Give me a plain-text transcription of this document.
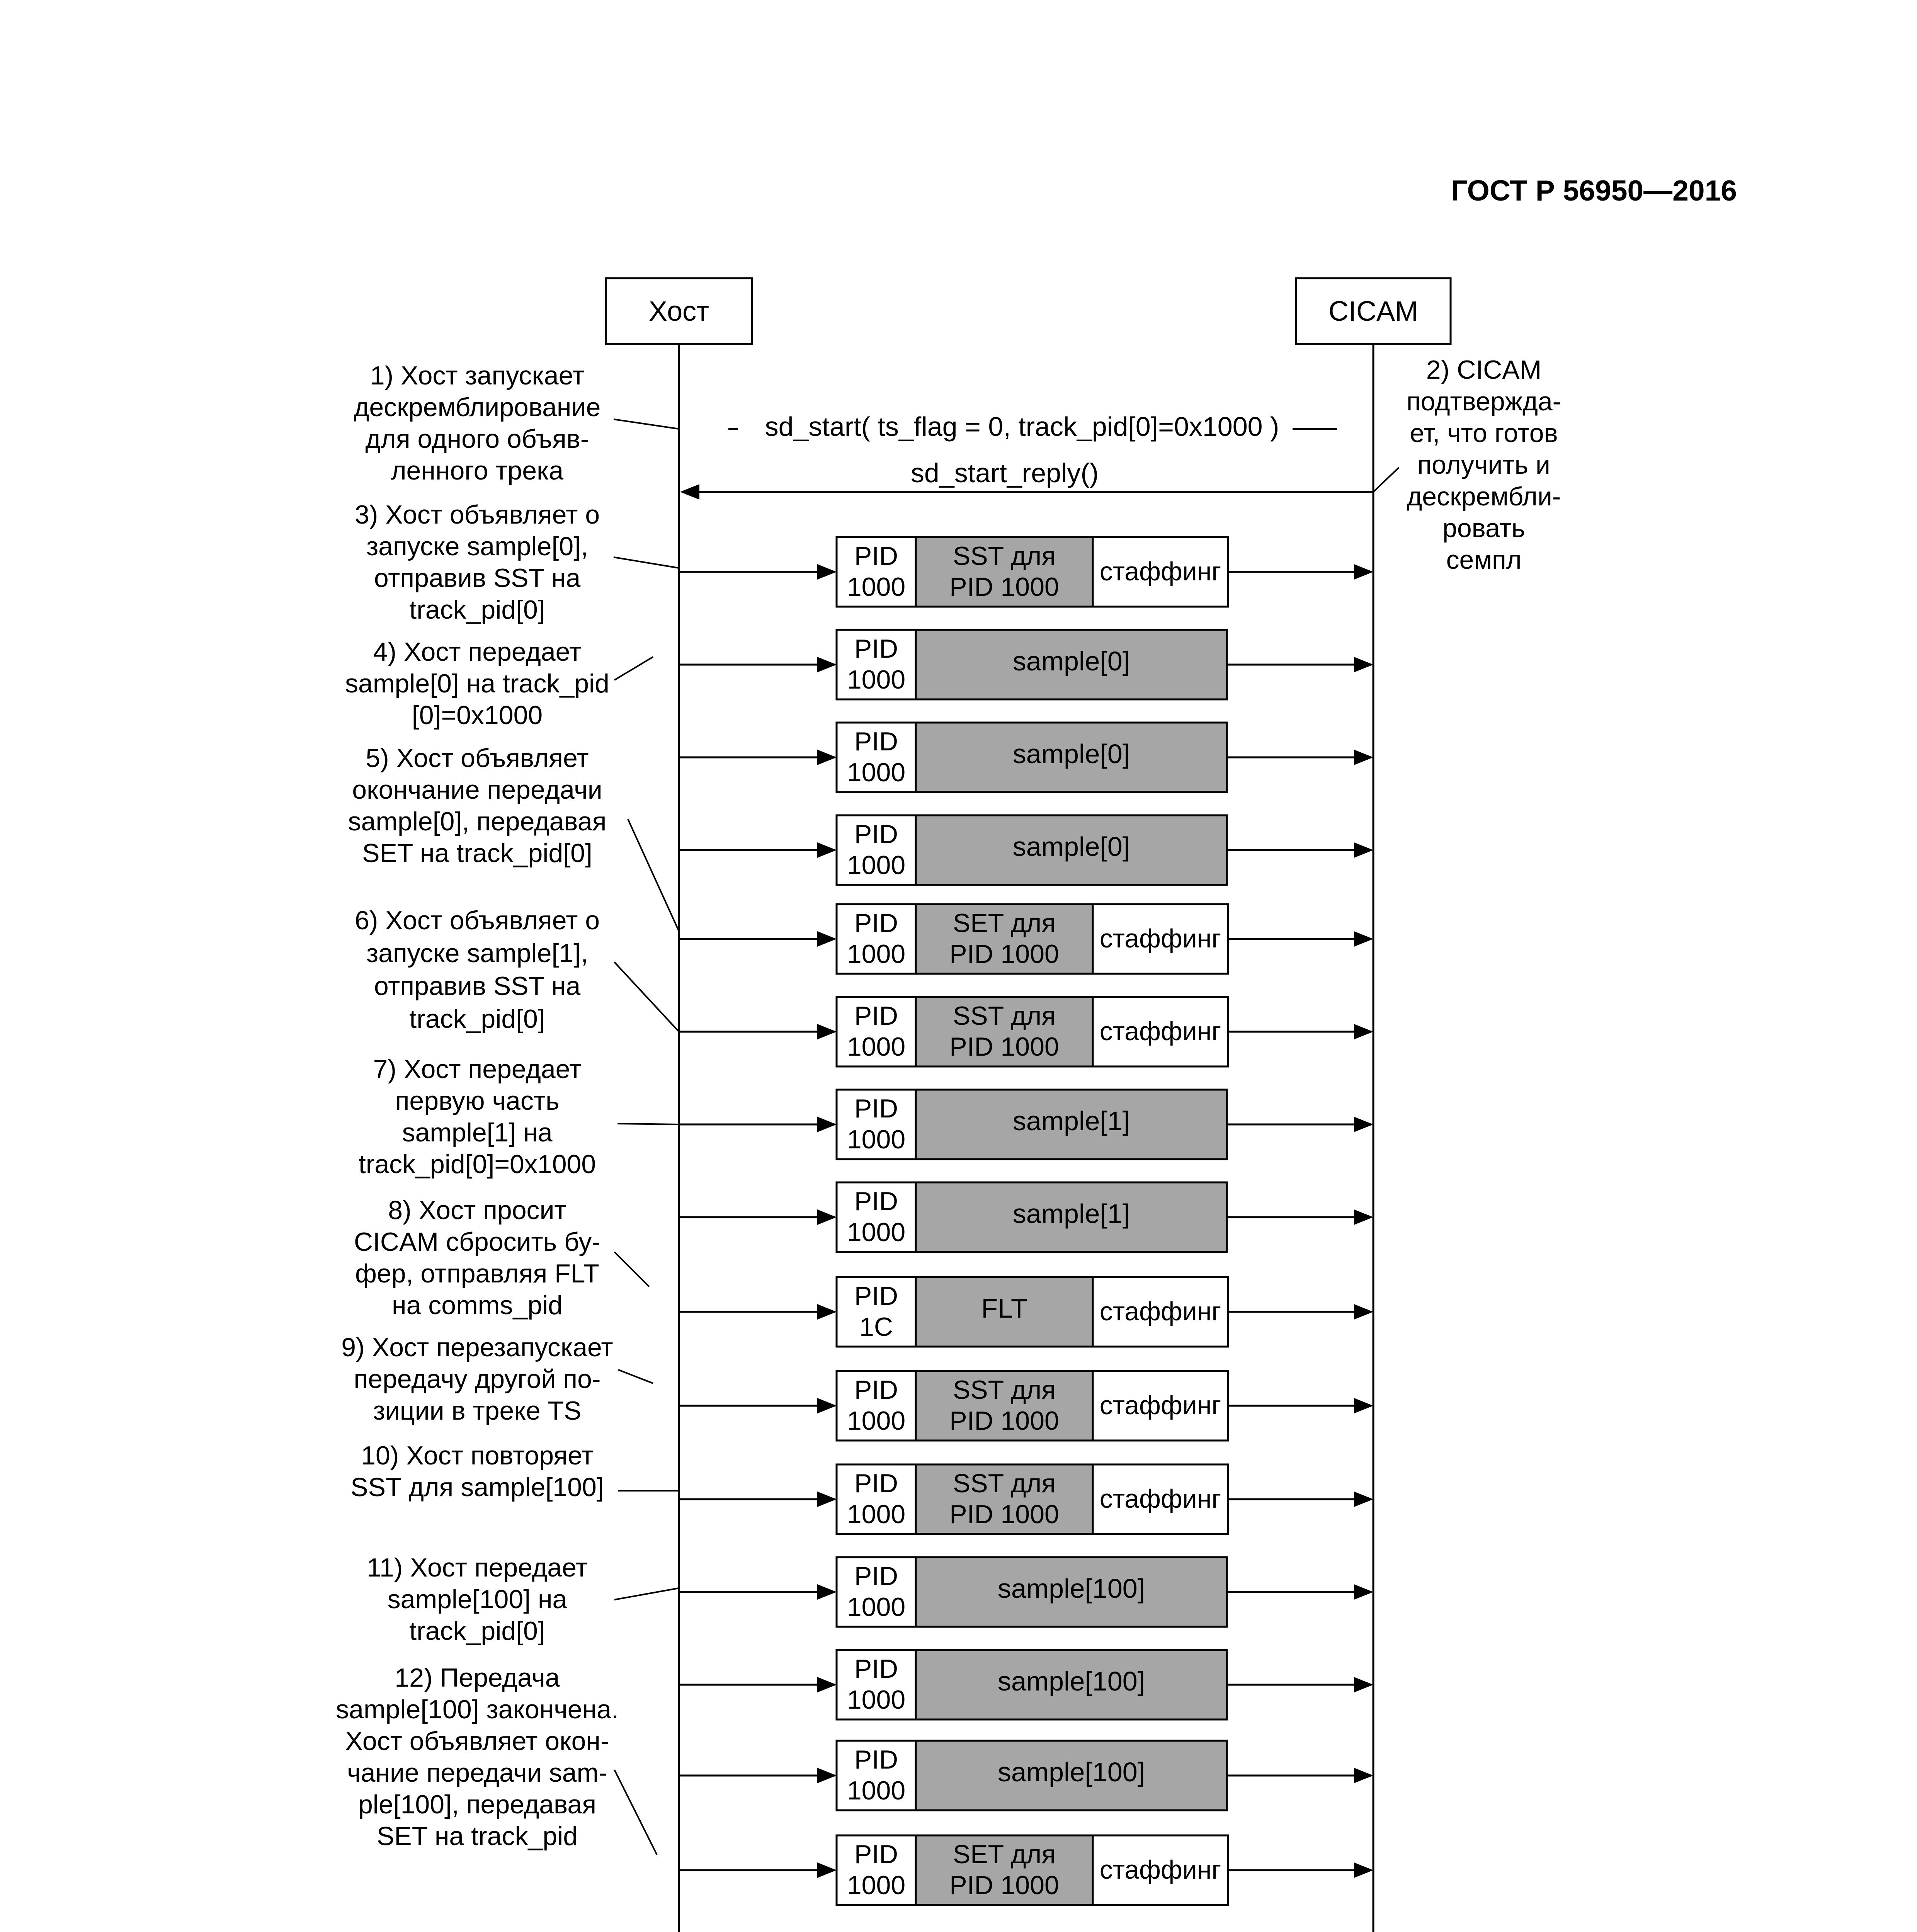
ГОСТ Р 56950—2016
Хост	CICAM
sd_start( ts_flag = 0, track_pid[0]=0x1000 )
sd_start_reply()
1) Хост запускает
дескремблирование
для одного объяв-
ленного трека
3) Хост объявляет о
запуске sample[0],
отправив SST на
track_pid[0]
4) Хост передает
sample[0] на track_pid
[0]=0x1000
5) Хост объявляет
окончание передачи
sample[0], передавая
SET на track_pid[0]
6) Хост объявляет о
запуске sample[1],
отправив SST на
track_pid[0]
7) Хост передает
первую часть
sample[1] на
track_pid[0]=0x1000
8) Хост просит
CICAM сбросить бу-
фер, отправляя FLT
на comms_pid
9) Хост перезапускает
передачу другой по-
зиции в треке TS
10) Хост повторяет
SST для sample[100]
11) Хост передает
sample[100] на
track_pid[0]
12) Передача
sample[100] закончена.
Хост объявляет окон-
чание передачи sam-
ple[100], передавая
SET на track_pid
2) CICAM
подтвержда-
ет, что готов
получить и
дескрембли-
ровать
семпл
PID
1000
SST для
PID 1000
стаффинг
PID
1000
sample[0]
PID
1000
sample[0]
PID
1000
sample[0]
PID
1000
SET для
PID 1000
стаффинг
PID
1000
SST для
PID 1000
стаффинг
PID
1000
sample[1]
PID
1000
sample[1]
PID
1C
FLT	стаффинг
PID
1000
SST для
PID 1000
стаффинг
PID
1000
SST для
PID 1000
стаффинг
PID
1000
sample[100]
PID
1000
sample[100]
PID
1000
sample[100]
PID
1000
SET для
PID 1000
стаффинг
